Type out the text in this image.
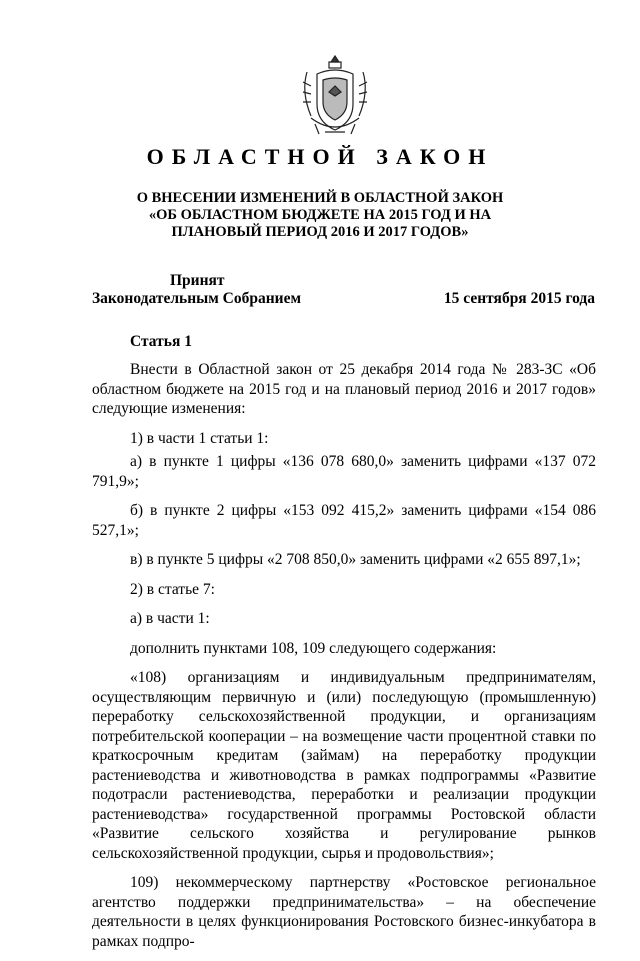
ОБЛАСТНОЙ ЗАКОН
О ВНЕСЕНИИ ИЗМЕНЕНИЙ В ОБЛАСТНОЙ ЗАКОН
«ОБ ОБЛАСТНОМ БЮДЖЕТЕ НА 2015 ГОД И НА
ПЛАНОВЫЙ ПЕРИОД 2016 И 2017 ГОДОВ»
Принят
Законодательным Собранием	15 сентября 2015 года
Статья 1

Внести в Областной закон от 25 декабря 2014 года № 283-ЗС «Об областном бюджете на 2015 год и на плановый период 2016 и 2017 годов» следующие изменения:

1) в части 1 статьи 1:

а) в пункте 1 цифры «136 078 680,0» заменить цифрами «137 072 791,9»;

б) в пункте 2 цифры «153 092 415,2» заменить цифрами «154 086 527,1»;

в) в пункте 5 цифры «2 708 850,0» заменить цифрами «2 655 897,1»;

2) в статье 7:

а) в части 1:

дополнить пунктами 108, 109 следующего содержания:

«108) организациям и индивидуальным предпринимателям, осуществляющим первичную и (или) последующую (промышленную) переработку сельскохозяйственной продукции, и организациям потребительской кооперации – на возмещение части процентной ставки по краткосрочным кредитам (займам) на переработку продукции растениеводства и животноводства в рамках подпрограммы «Развитие подотрасли растениеводства, переработки и реализации продукции растениеводства» государственной программы Ростовской области «Развитие сельского хозяйства и регулирование рынков сельскохозяйственной продукции, сырья и продовольствия»;

109) некоммерческому партнерству «Ростовское региональное агентство поддержки предпринимательства» – на обеспечение деятельности в целях функционирования Ростовского бизнес-инкубатора в рамках подпро-
